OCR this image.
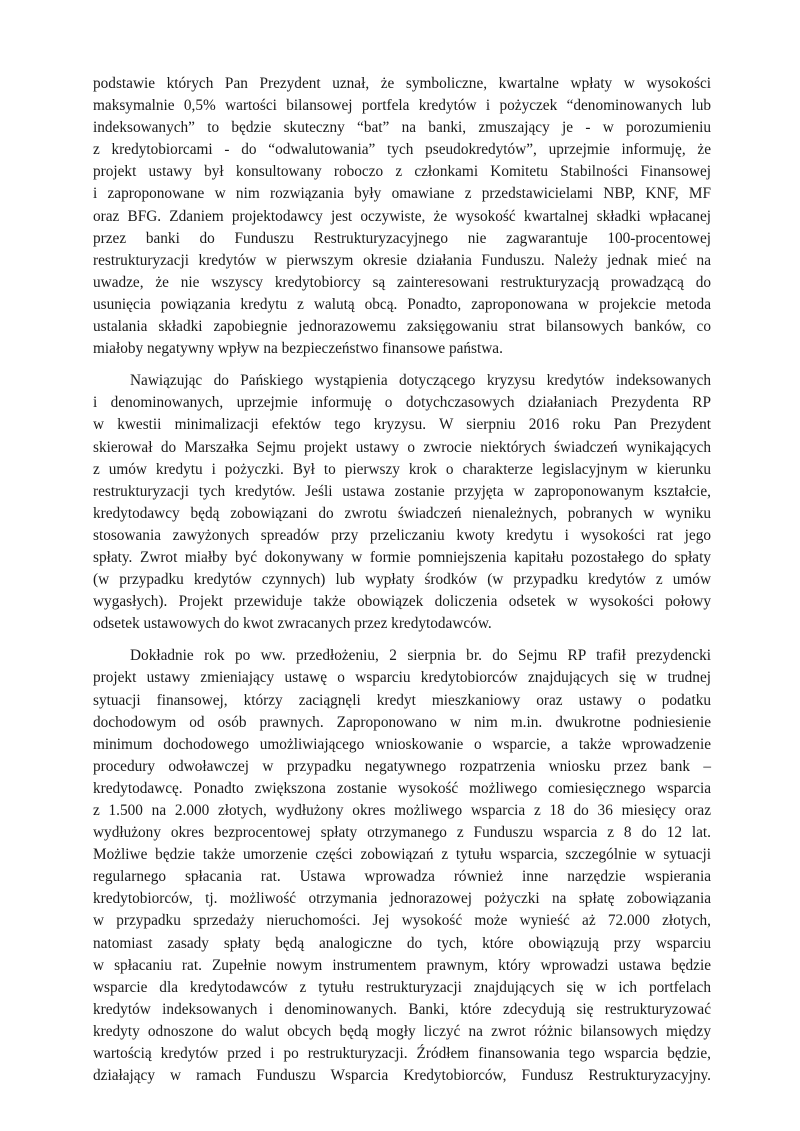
podstawie których Pan Prezydent uznał, że symboliczne, kwartalne wpłaty w wysokości
maksymalnie 0,5% wartości bilansowej portfela kredytów i pożyczek “denominowanych lub
indeksowanych” to będzie skuteczny “bat” na banki, zmuszający je - w porozumieniu
z kredytobiorcami - do “odwalutowania” tych pseudokredytów”, uprzejmie informuję, że
projekt ustawy był konsultowany roboczo z członkami Komitetu Stabilności Finansowej
i zaproponowane w nim rozwiązania były omawiane z przedstawicielami NBP, KNF, MF
oraz BFG. Zdaniem projektodawcy jest oczywiste, że wysokość kwartalnej składki wpłacanej
przez banki do Funduszu Restrukturyzacyjnego nie zagwarantuje 100-procentowej
restrukturyzacji kredytów w pierwszym okresie działania Funduszu. Należy jednak mieć na
uwadze, że nie wszyscy kredytobiorcy są zainteresowani restrukturyzacją prowadzącą do
usunięcia powiązania kredytu z walutą obcą. Ponadto, zaproponowana w projekcie metoda
ustalania składki zapobiegnie jednorazowemu zaksięgowaniu strat bilansowych banków, co
miałoby negatywny wpływ na bezpieczeństwo finansowe państwa.
Nawiązując do Pańskiego wystąpienia dotyczącego kryzysu kredytów indeksowanych
i denominowanych, uprzejmie informuję o dotychczasowych działaniach Prezydenta RP
w kwestii minimalizacji efektów tego kryzysu. W sierpniu 2016 roku Pan Prezydent
skierował do Marszałka Sejmu projekt ustawy o zwrocie niektórych świadczeń wynikających
z umów kredytu i pożyczki. Był to pierwszy krok o charakterze legislacyjnym w kierunku
restrukturyzacji tych kredytów. Jeśli ustawa zostanie przyjęta w zaproponowanym kształcie,
kredytodawcy będą zobowiązani do zwrotu świadczeń nienależnych, pobranych w wyniku
stosowania zawyżonych spreadów przy przeliczaniu kwoty kredytu i wysokości rat jego
spłaty. Zwrot miałby być dokonywany w formie pomniejszenia kapitału pozostałego do spłaty
(w przypadku kredytów czynnych) lub wypłaty środków (w przypadku kredytów z umów
wygasłych). Projekt przewiduje także obowiązek doliczenia odsetek w wysokości połowy
odsetek ustawowych do kwot zwracanych przez kredytodawców.
Dokładnie rok po ww. przedłożeniu, 2 sierpnia br. do Sejmu RP trafił prezydencki
projekt ustawy zmieniający ustawę o wsparciu kredytobiorców znajdujących się w trudnej
sytuacji finansowej, którzy zaciągnęli kredyt mieszkaniowy oraz ustawy o podatku
dochodowym od osób prawnych. Zaproponowano w nim m.in. dwukrotne podniesienie
minimum dochodowego umożliwiającego wnioskowanie o wsparcie, a także wprowadzenie
procedury odwoławczej w przypadku negatywnego rozpatrzenia wniosku przez bank –
kredytodawcę. Ponadto zwiększona zostanie wysokość możliwego comiesięcznego wsparcia
z 1.500 na 2.000 złotych, wydłużony okres możliwego wsparcia z 18 do 36 miesięcy oraz
wydłużony okres bezprocentowej spłaty otrzymanego z Funduszu wsparcia z 8 do 12 lat.
Możliwe będzie także umorzenie części zobowiązań z tytułu wsparcia, szczególnie w sytuacji
regularnego spłacania rat. Ustawa wprowadza również inne narzędzie wspierania
kredytobiorców, tj. możliwość otrzymania jednorazowej pożyczki na spłatę zobowiązania
w przypadku sprzedaży nieruchomości. Jej wysokość może wynieść aż 72.000 złotych,
natomiast zasady spłaty będą analogiczne do tych, które obowiązują przy wsparciu
w spłacaniu rat. Zupełnie nowym instrumentem prawnym, który wprowadzi ustawa będzie
wsparcie dla kredytodawców z tytułu restrukturyzacji znajdujących się w ich portfelach
kredytów indeksowanych i denominowanych. Banki, które zdecydują się restrukturyzować
kredyty odnoszone do walut obcych będą mogły liczyć na zwrot różnic bilansowych między
wartością kredytów przed i po restrukturyzacji. Źródłem finansowania tego wsparcia będzie,
działający w ramach Funduszu Wsparcia Kredytobiorców, Fundusz Restrukturyzacyjny.
